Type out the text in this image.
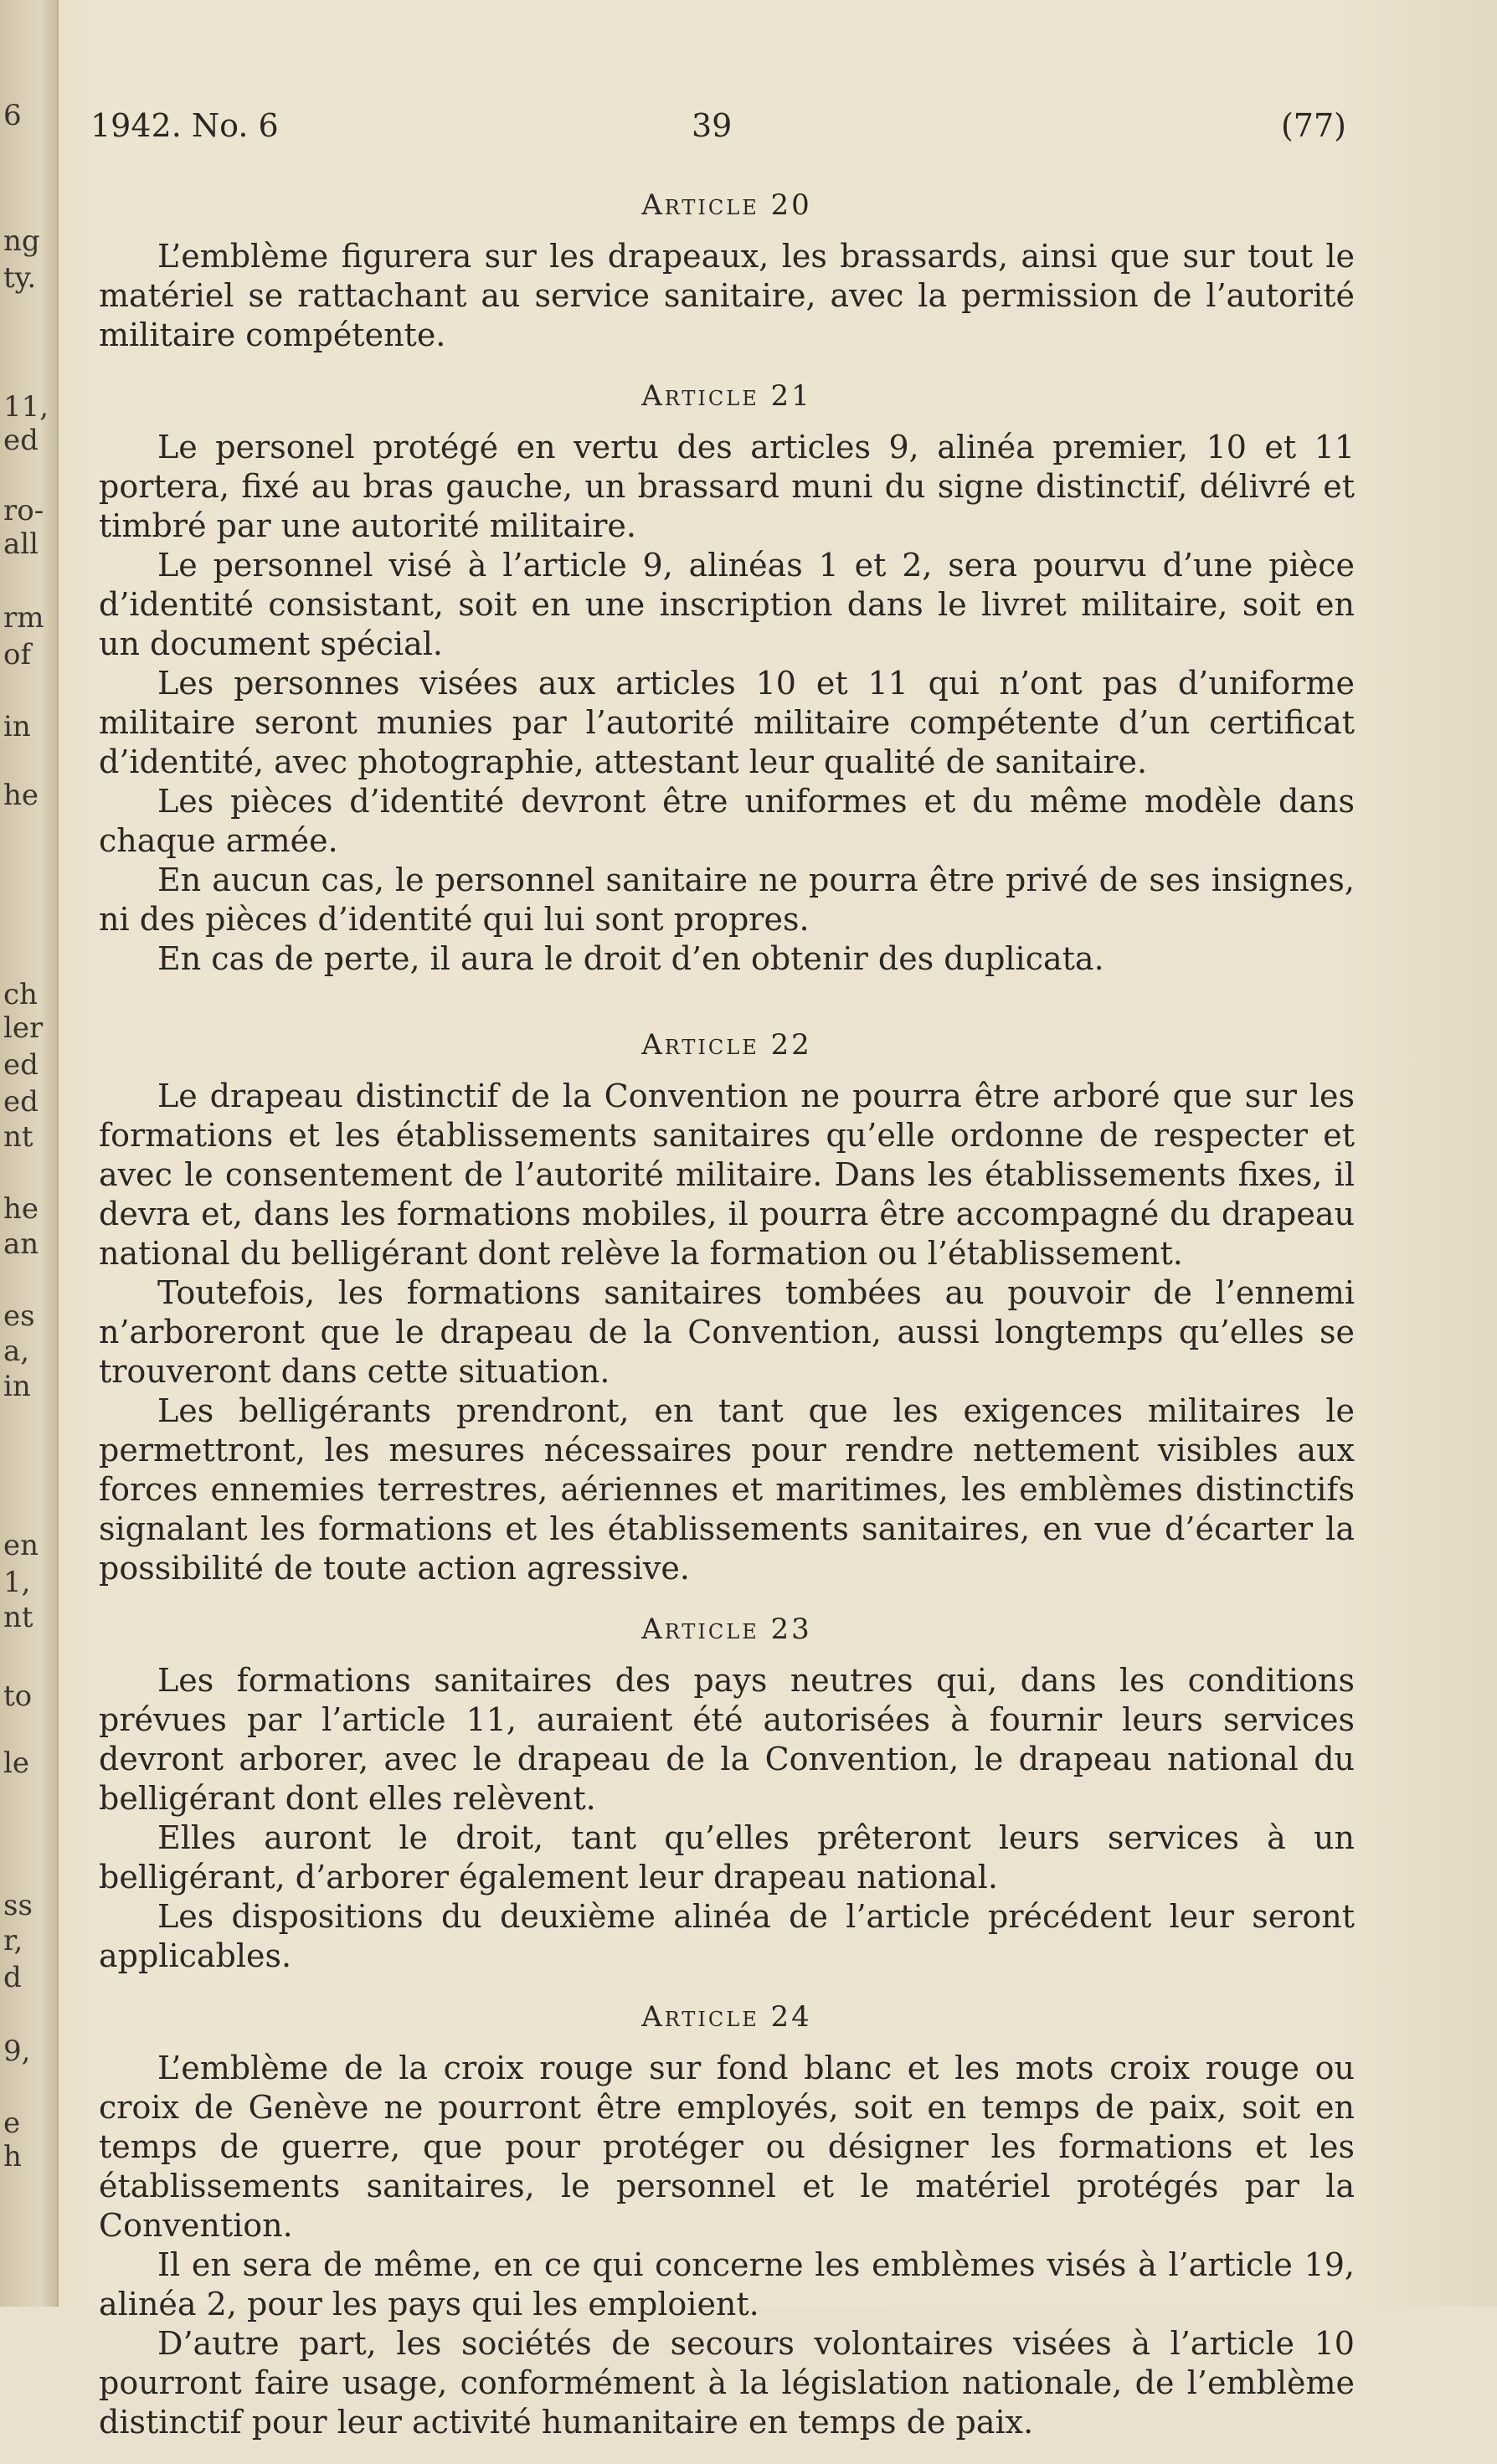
6
ng
ty.
11,
ed
ro-
all
rm
of
in
he
ch
ler
ed
ed
nt
he
an
es
a,
in
en
1,
nt
to
le
ss
r,
d
9,
e
h
1942. No. 6	39	(77)
Article 20

L’emblème figurera sur les drapeaux, les brassards, ainsi que sur tout le matériel se rattachant au service sanitaire, avec la permission de l’autorité militaire compétente.

Article 21

Le personel protégé en vertu des articles 9, alinéa premier, 10 et 11 portera, fixé au bras gauche, un brassard muni du signe distinctif, délivré et timbré par une autorité militaire.

Le personnel visé à l’article 9, alinéas 1 et 2, sera pourvu d’une pièce d’identité consistant, soit en une inscription dans le livret militaire, soit en un document spécial.

Les personnes visées aux articles 10 et 11 qui n’ont pas d’uniforme militaire seront munies par l’autorité militaire compétente d’un certificat d’identité, avec photographie, attestant leur qualité de sanitaire.

Les pièces d’identité devront être uniformes et du même modèle dans chaque armée.

En aucun cas, le personnel sanitaire ne pourra être privé de ses insignes, ni des pièces d’identité qui lui sont propres.

En cas de perte, il aura le droit d’en obtenir des duplicata.

Article 22

Le drapeau distinctif de la Convention ne pourra être arboré que sur les formations et les établissements sanitaires qu’elle ordonne de respecter et avec le consentement de l’autorité militaire. Dans les établissements fixes, il devra et, dans les formations mobiles, il pourra être accompagné du drapeau national du belligérant dont relève la formation ou l’établissement.

Toutefois, les formations sanitaires tombées au pouvoir de l’ennemi n’arboreront que le drapeau de la Convention, aussi longtemps qu’elles se trouveront dans cette situation.

Les belligérants prendront, en tant que les exigences militaires le permettront, les mesures nécessaires pour rendre nettement visibles aux forces ennemies terrestres, aériennes et maritimes, les emblèmes distinctifs signalant les formations et les établissements sanitaires, en vue d’écarter la possibilité de toute action agressive.

Article 23

Les formations sanitaires des pays neutres qui, dans les conditions prévues par l’article 11, auraient été autorisées à fournir leurs services devront arborer, avec le drapeau de la Convention, le drapeau national du belligérant dont elles relèvent.

Elles auront le droit, tant qu’elles prêteront leurs services à un belligérant, d’arborer également leur drapeau national.

Les dispositions du deuxième alinéa de l’article précédent leur seront applicables.

Article 24

L’emblème de la croix rouge sur fond blanc et les mots croix rouge ou croix de Genève ne pourront être employés, soit en temps de paix, soit en temps de guerre, que pour protéger ou désigner les formations et les établissements sanitaires, le personnel et le matériel protégés par la Convention.

Il en sera de même, en ce qui concerne les emblèmes visés à l’article 19, alinéa 2, pour les pays qui les emploient.

D’autre part, les sociétés de secours volontaires visées à l’article 10 pourront faire usage, conformément à la législation nationale, de l’emblème distinctif pour leur activité humanitaire en temps de paix.
